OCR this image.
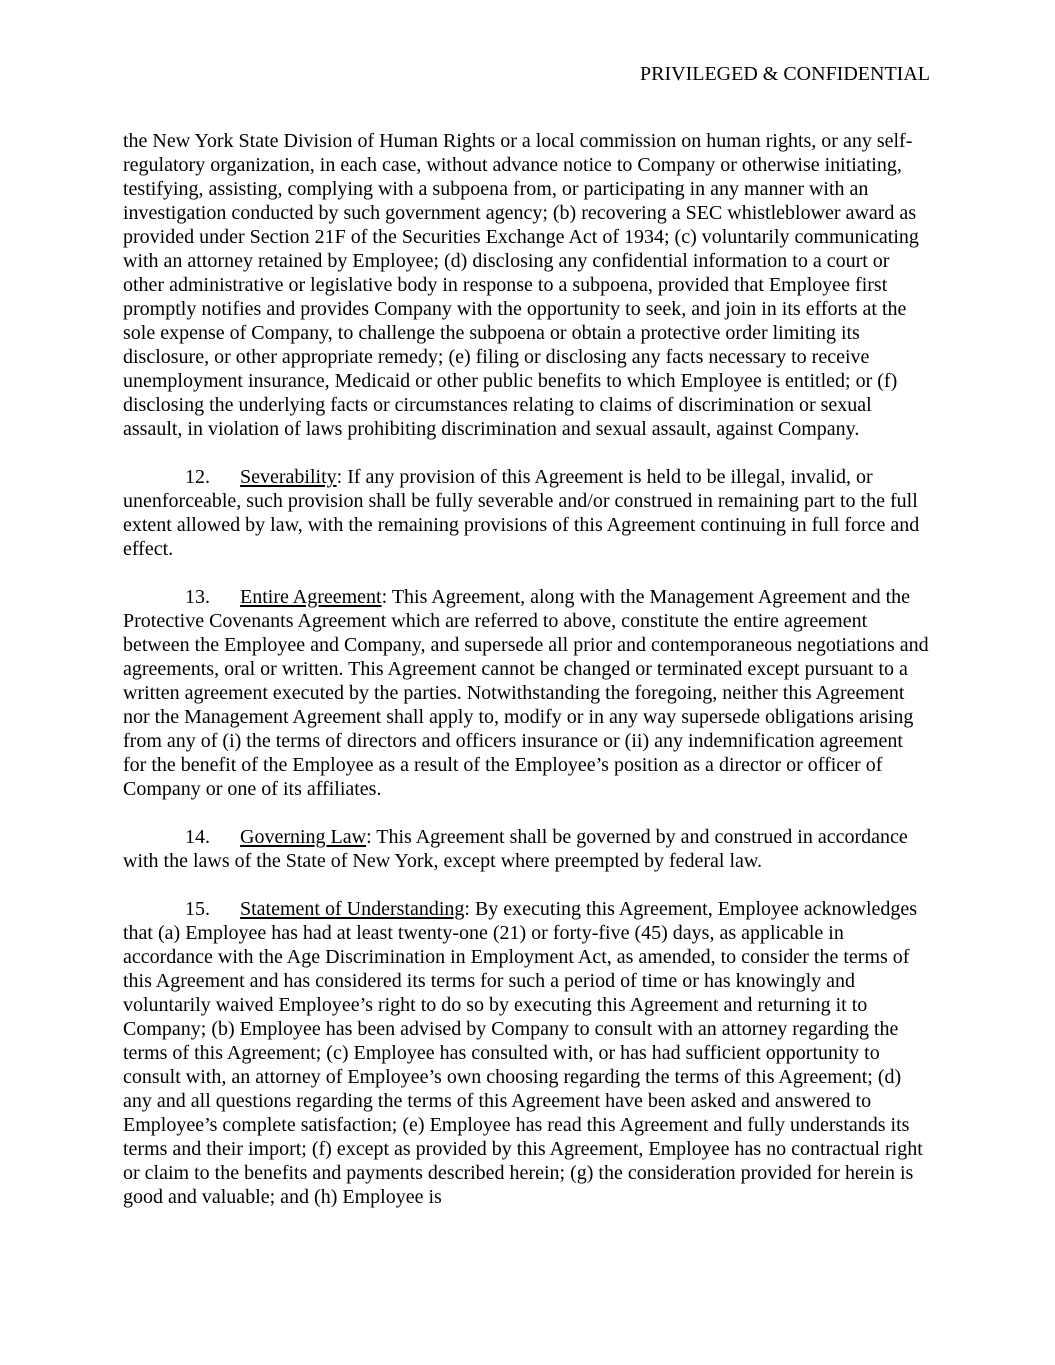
PRIVILEGED & CONFIDENTIAL

the New York State Division of Human Rights or a local commission on human rights, or any self-regulatory organization, in each case, without advance notice to Company or otherwise initiating, testifying, assisting, complying with a subpoena from, or participating in any manner with an investigation conducted by such government agency; (b) recovering a SEC whistleblower award as provided under Section 21F of the Securities Exchange Act of 1934; (c) voluntarily communicating with an attorney retained by Employee; (d) disclosing any confidential information to a court or other administrative or legislative body in response to a subpoena, provided that Employee first promptly notifies and provides Company with the opportunity to seek, and join in its efforts at the sole expense of Company, to challenge the subpoena or obtain a protective order limiting its disclosure, or other appropriate remedy; (e) filing or disclosing any facts necessary to receive unemployment insurance, Medicaid or other public benefits to which Employee is entitled; or (f) disclosing the underlying facts or circumstances relating to claims of discrimination or sexual assault, in violation of laws prohibiting discrimination and sexual assault, against Company.

12. Severability: If any provision of this Agreement is held to be illegal, invalid, or unenforceable, such provision shall be fully severable and/or construed in remaining part to the full extent allowed by law, with the remaining provisions of this Agreement continuing in full force and effect.

13. Entire Agreement: This Agreement, along with the Management Agreement and the Protective Covenants Agreement which are referred to above, constitute the entire agreement between the Employee and Company, and supersede all prior and contemporaneous negotiations and agreements, oral or written. This Agreement cannot be changed or terminated except pursuant to a written agreement executed by the parties. Notwithstanding the foregoing, neither this Agreement nor the Management Agreement shall apply to, modify or in any way supersede obligations arising from any of (i) the terms of directors and officers insurance or (ii) any indemnification agreement for the benefit of the Employee as a result of the Employee’s position as a director or officer of Company or one of its affiliates.

14. Governing Law: This Agreement shall be governed by and construed in accordance with the laws of the State of New York, except where preempted by federal law.

15. Statement of Understanding: By executing this Agreement, Employee acknowledges that (a) Employee has had at least twenty-one (21) or forty-five (45) days, as applicable in accordance with the Age Discrimination in Employment Act, as amended, to consider the terms of this Agreement and has considered its terms for such a period of time or has knowingly and voluntarily waived Employee’s right to do so by executing this Agreement and returning it to Company; (b) Employee has been advised by Company to consult with an attorney regarding the terms of this Agreement; (c) Employee has consulted with, or has had sufficient opportunity to consult with, an attorney of Employee’s own choosing regarding the terms of this Agreement; (d) any and all questions regarding the terms of this Agreement have been asked and answered to Employee’s complete satisfaction; (e) Employee has read this Agreement and fully understands its terms and their import; (f) except as provided by this Agreement, Employee has no contractual right or claim to the benefits and payments described herein; (g) the consideration provided for herein is good and valuable; and (h) Employee is
